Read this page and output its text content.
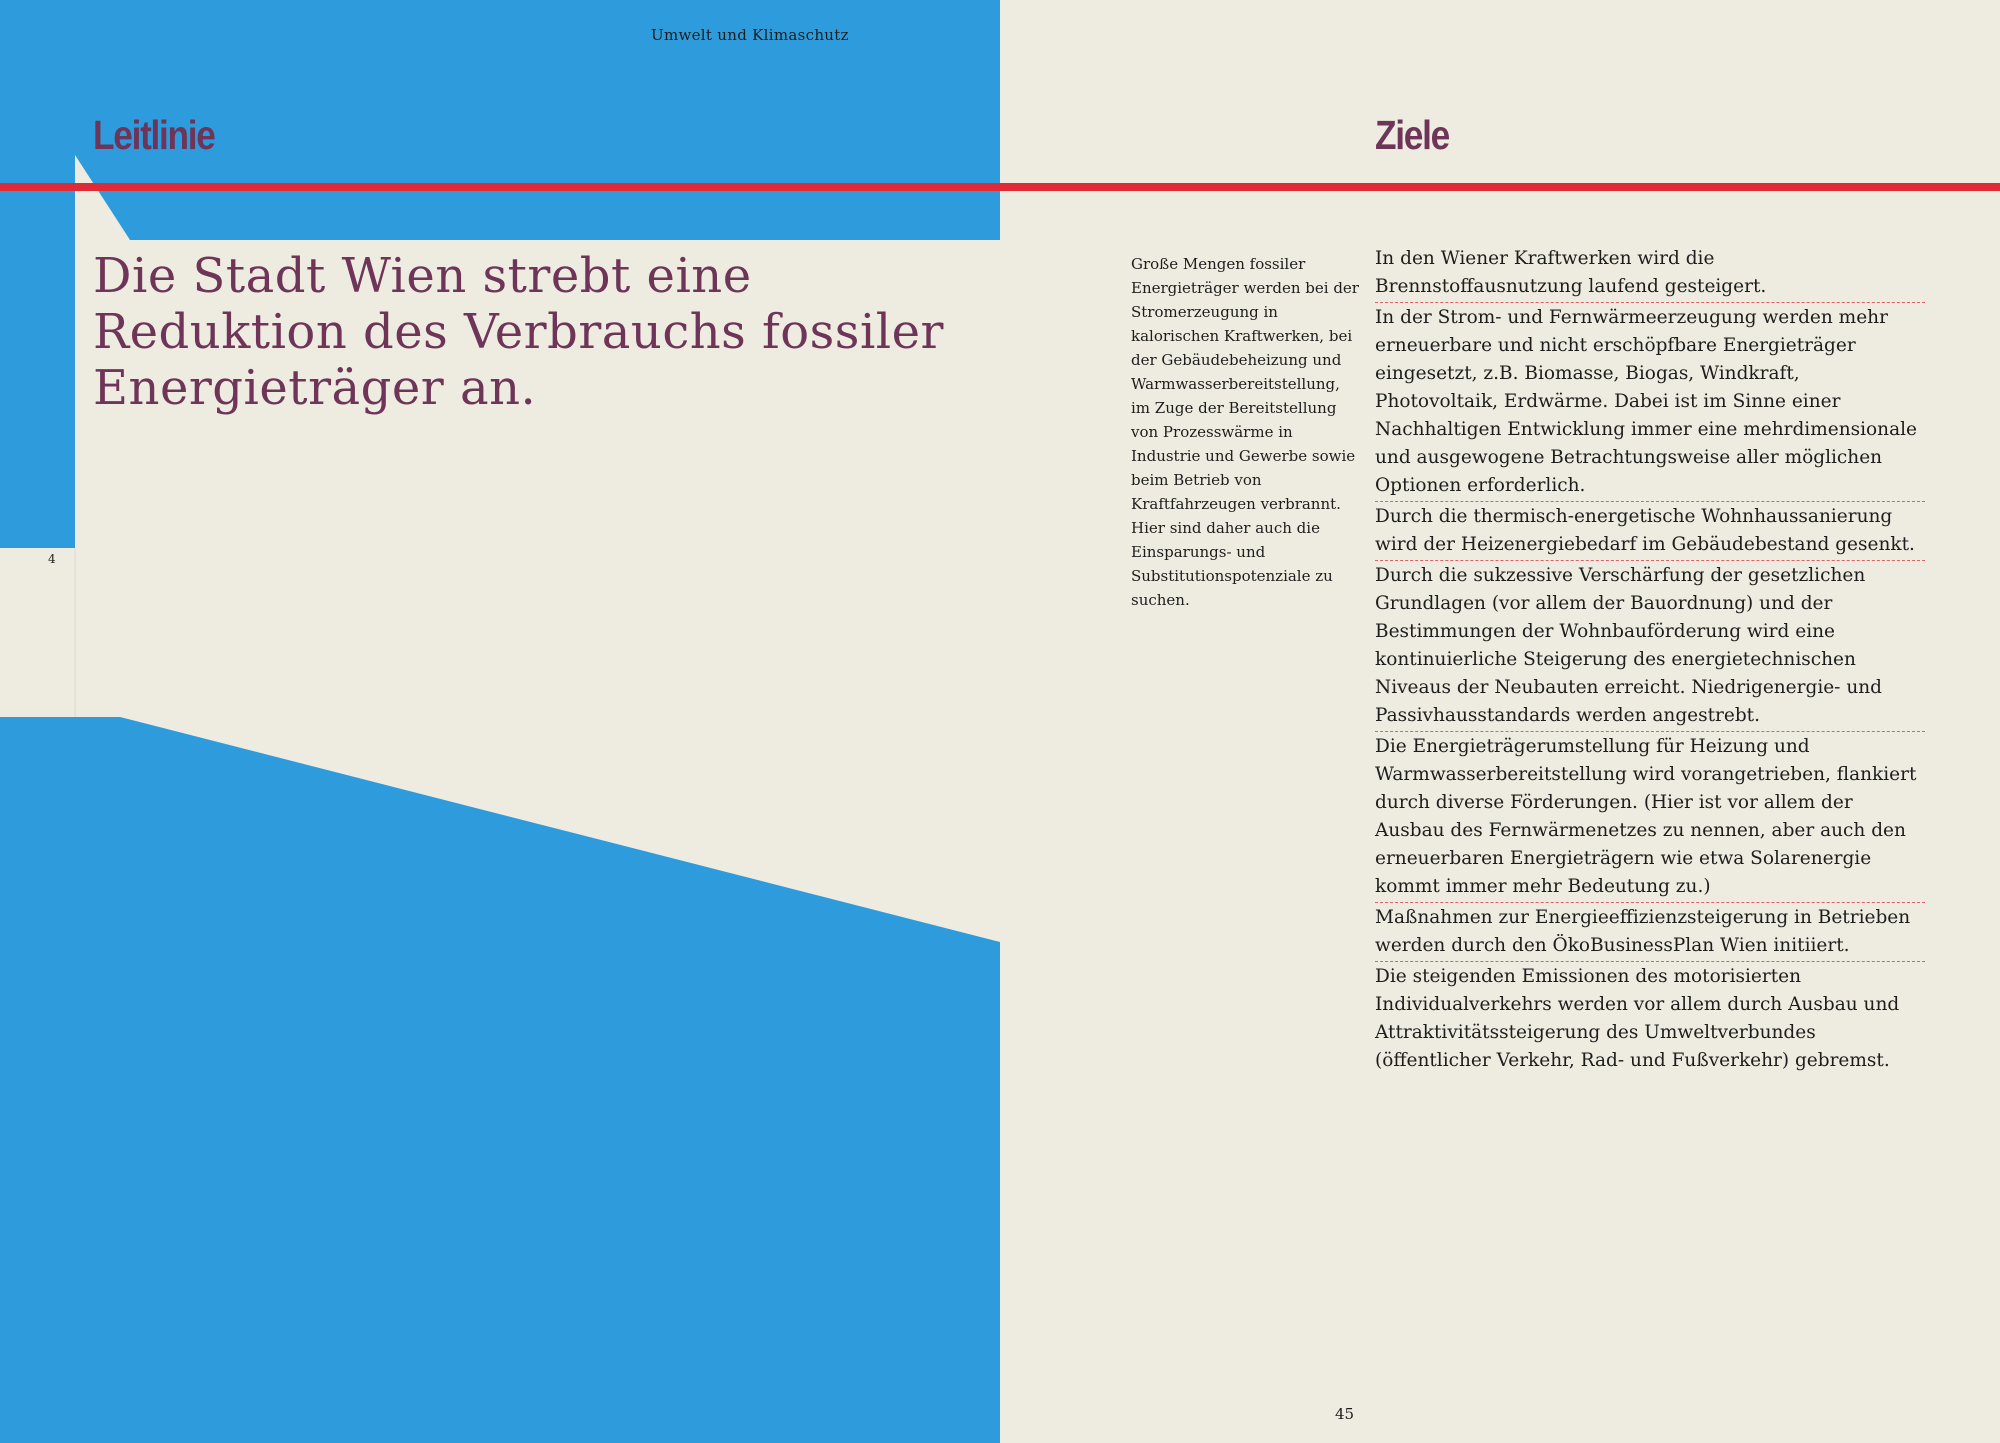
Umwelt und Klimaschutz
Leitlinie	Ziele

Die Stadt Wien strebt eine Reduktion des Verbrauchs fossiler Energieträger an.

4

Große Mengen fossiler Energieträger werden bei der Stromerzeugung in kalorischen Kraftwerken, bei der Gebäudebeheizung und Warmwasserbereitstellung, im Zuge der Bereitstellung von Prozesswärme in Industrie und Gewerbe sowie beim Betrieb von Kraftfahrzeugen verbrannt. Hier sind daher auch die Einsparungs- und Substitutionspotenziale zu suchen.

In den Wiener Kraftwerken wird die Brennstoffausnutzung laufend gesteigert.

In der Strom- und Fernwärmeerzeugung werden mehr erneuerbare und nicht erschöpfbare Energieträger eingesetzt, z.B. Biomasse, Biogas, Windkraft, Photovoltaik, Erdwärme. Dabei ist im Sinne einer Nachhaltigen Entwicklung immer eine mehrdimensionale und ausgewogene Betrachtungsweise aller möglichen Optionen erforderlich.

Durch die thermisch-energetische Wohnhaussanierung wird der Heizenergiebedarf im Gebäudebestand gesenkt.

Durch die sukzessive Verschärfung der gesetzlichen Grundlagen (vor allem der Bauordnung) und der Bestimmungen der Wohnbauförderung wird eine kontinuierliche Steigerung des energietechnischen Niveaus der Neubauten erreicht. Niedrigenergie- und Passivhausstandards werden angestrebt.

Die Energieträgerumstellung für Heizung und Warmwasserbereitstellung wird vorangetrieben, flankiert durch diverse Förderungen. (Hier ist vor allem der Ausbau des Fernwärmenetzes zu nennen, aber auch den erneuerbaren Energieträgern wie etwa Solarenergie kommt immer mehr Bedeutung zu.)

Maßnahmen zur Energieeffizienzsteigerung in Betrieben werden durch den ÖkoBusinessPlan Wien initiiert.

Die steigenden Emissionen des motorisierten Individualverkehrs werden vor allem durch Ausbau und Attraktivitätssteigerung des Umweltverbundes (öffentlicher Verkehr, Rad- und Fußverkehr) gebremst.

45
